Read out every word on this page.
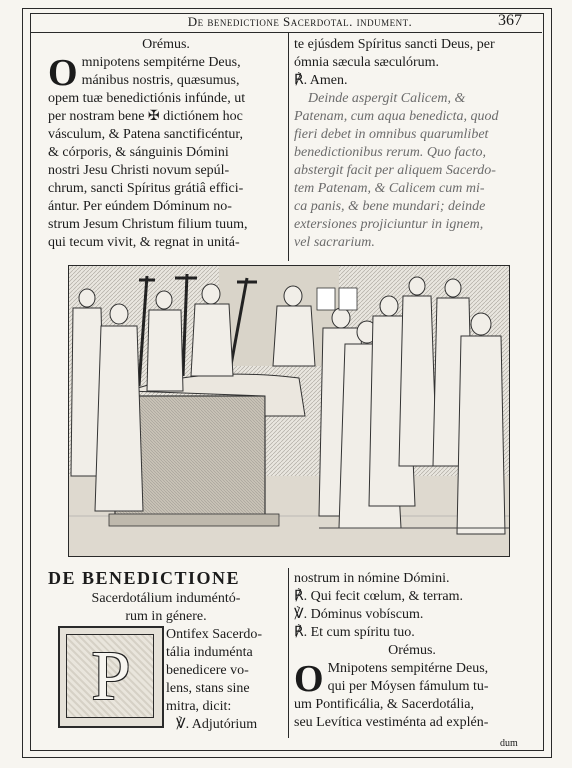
De benedictione Sacerdotal. indument.	367
Orémus.
O mnipotens sempitérne Deus,
mánibus nostris, quæsumus,
opem tuæ benedictiónis infúnde, ut
per nostram bene ✠ dictiónem hoc
vásculum, & Patena sanctificéntur,
& córporis, & sánguinis Dómini
nostri Jesu Christi novum sepúl-
chrum, sancti Spíritus grátiâ effici-
ántur. Per eúndem Dóminum no-
strum Jesum Christum filium tuum,
qui tecum vivit, & regnat in unitá-
te ejúsdem Spíritus sancti Deus, per
ómnia sæcula sæculórum.
℟. Amen.
Deinde aspergit Calicem, &
Patenam, cum aqua benedicta, quod
fieri debet in omnibus quarumlibet
benedictionibus rerum. Quo facto,
abstergit facit per aliquem Sacerdo-
tem Patenam, & Calicem cum mi-
ca panis, & bene mundari; deinde
extersiones projiciuntur in ignem,
vel sacrarium.
DE BENEDICTIONE
Sacerdotálium induméntó-
rum in génere.
P
Ontifex Sacerdo-
tália induménta
benedicere vo-
lens, stans sine
mitra, dicit:
℣. Adjutórium
nostrum in nómine Dómini.
℟. Qui fecit cœlum, & terram.
℣. Dóminus vobíscum.
℟. Et cum spíritu tuo.
Orémus.
O Mnipotens sempitérne Deus,
qui per Móysen fámulum tu-
um Pontificália, & Sacerdotália,
seu Levítica vestiménta ad explén-
dum
